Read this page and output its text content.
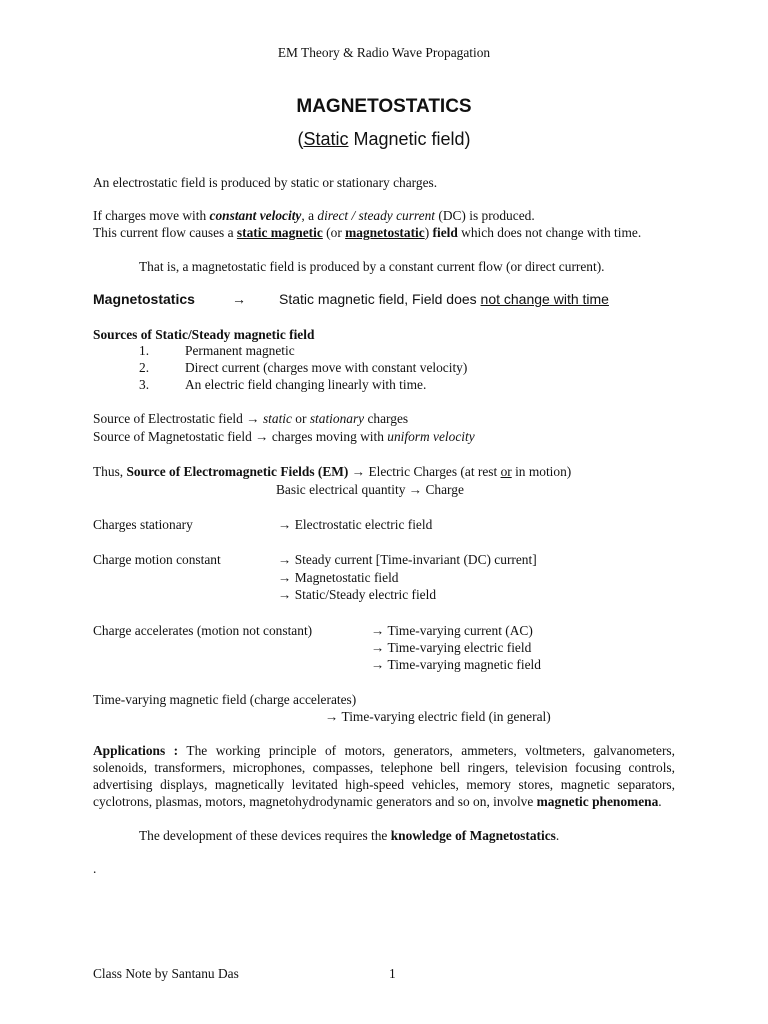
EM Theory & Radio Wave Propagation
MAGNETOSTATICS
(Static Magnetic field)
An electrostatic field is produced by static or stationary charges.
If charges move with constant velocity, a direct / steady current (DC) is produced.
This current flow causes a static magnetic (or magnetostatic) field which does not change with time.
That is, a magnetostatic field is produced by a constant current flow (or direct current).
Magnetostatics	→ Static magnetic field, Field does not change with time
Sources of Static/Steady magnetic field
1.	Permanent magnetic
2.	Direct current (charges move with constant velocity)
3.	An electric field changing linearly with time.
Source of Electrostatic field → static or stationary charges
Source of Magnetostatic field → charges moving with uniform velocity
Thus, Source of Electromagnetic Fields (EM) → Electric Charges (at rest or in motion)
Basic electrical quantity → Charge
Charges stationary	→ Electrostatic electric field
Charge motion constant	→ Steady current [Time-invariant (DC) current]
→ Magnetostatic field
→ Static/Steady electric field
Charge accelerates (motion not constant)	→ Time-varying current (AC)
→ Time-varying electric field
→ Time-varying magnetic field
Time-varying magnetic field (charge accelerates)
→ Time-varying electric field (in general)
Applications : The working principle of motors, generators, ammeters, voltmeters, galvanometers, solenoids, transformers, microphones, compasses, telephone bell ringers, television focusing controls, advertising displays, magnetically levitated high-speed vehicles, memory stores, magnetic separators, cyclotrons, plasmas, motors, magnetohydrodynamic generators and so on, involve magnetic phenomena.
The development of these devices requires the knowledge of Magnetostatics.
.
Class Note by Santanu Das	1
